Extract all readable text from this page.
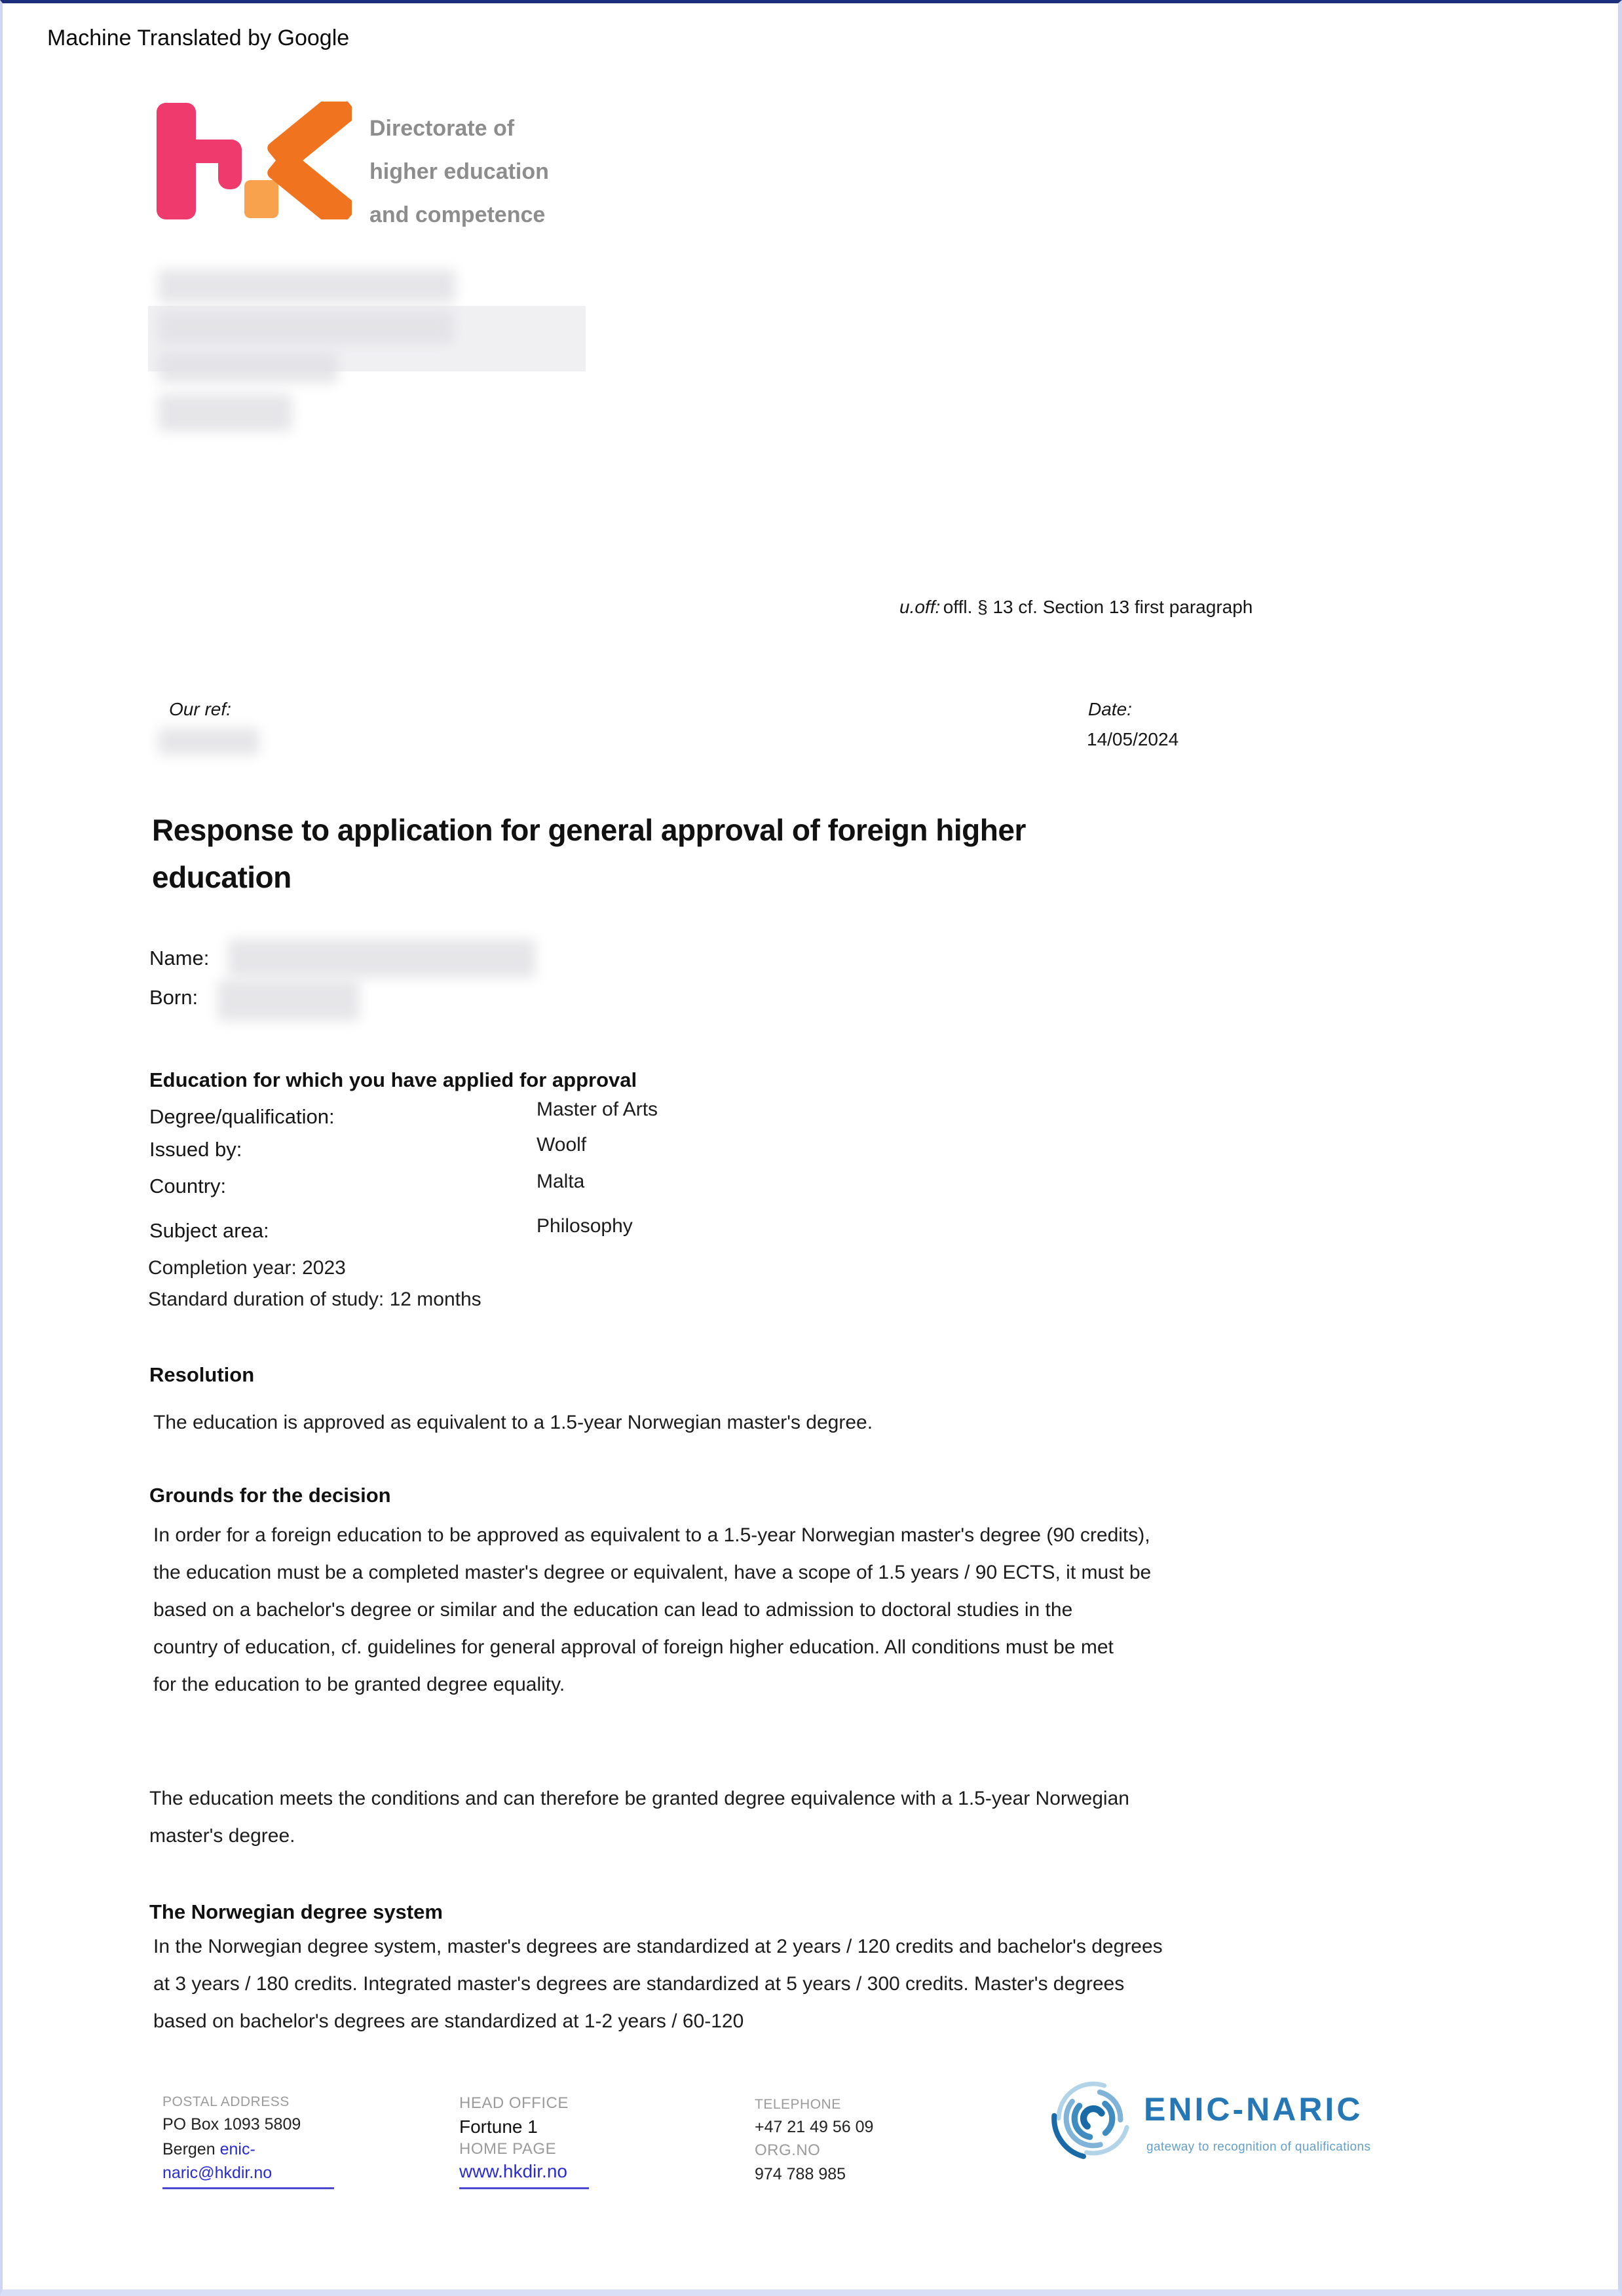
Machine Translated by Google
Directorate of
higher education
and competence
u.off: offl. § 13 cf. Section 13 first paragraph
Our ref:	Date:
14/05/2024
Response to application for general approval of foreign higher
education
Name:
Born:
Education for which you have applied for approval
Degree/qualification:	Master of Arts
Issued by:	Woolf
Country:	Malta
Subject area:	Philosophy
Completion year: 2023
Standard duration of study: 12 months
Resolution
The education is approved as equivalent to a 1.5-year Norwegian master's degree.
Grounds for the decision
In order for a foreign education to be approved as equivalent to a 1.5-year Norwegian master's degree (90 credits),
the education must be a completed master's degree or equivalent, have a scope of 1.5 years / 90 ECTS, it must be
based on a bachelor's degree or similar and the education can lead to admission to doctoral studies in the
country of education, cf. guidelines for general approval of foreign higher education. All conditions must be met
for the education to be granted degree equality.
The education meets the conditions and can therefore be granted degree equivalence with a 1.5-year Norwegian
master's degree.
The Norwegian degree system
In the Norwegian degree system, master's degrees are standardized at 2 years / 120 credits and bachelor's degrees
at 3 years / 180 credits. Integrated master's degrees are standardized at 5 years / 300 credits. Master's degrees
based on bachelor's degrees are standardized at 1-2 years / 60-120
POSTAL ADDRESS
PO Box 1093 5809
Bergen enic-
naric@hkdir.no
HEAD OFFICE
Fortune 1
HOME PAGE
www.hkdir.no
TELEPHONE
+47 21 49 56 09
ORG.NO
974 788 985
ENIC-NARIC
gateway to recognition of qualifications
